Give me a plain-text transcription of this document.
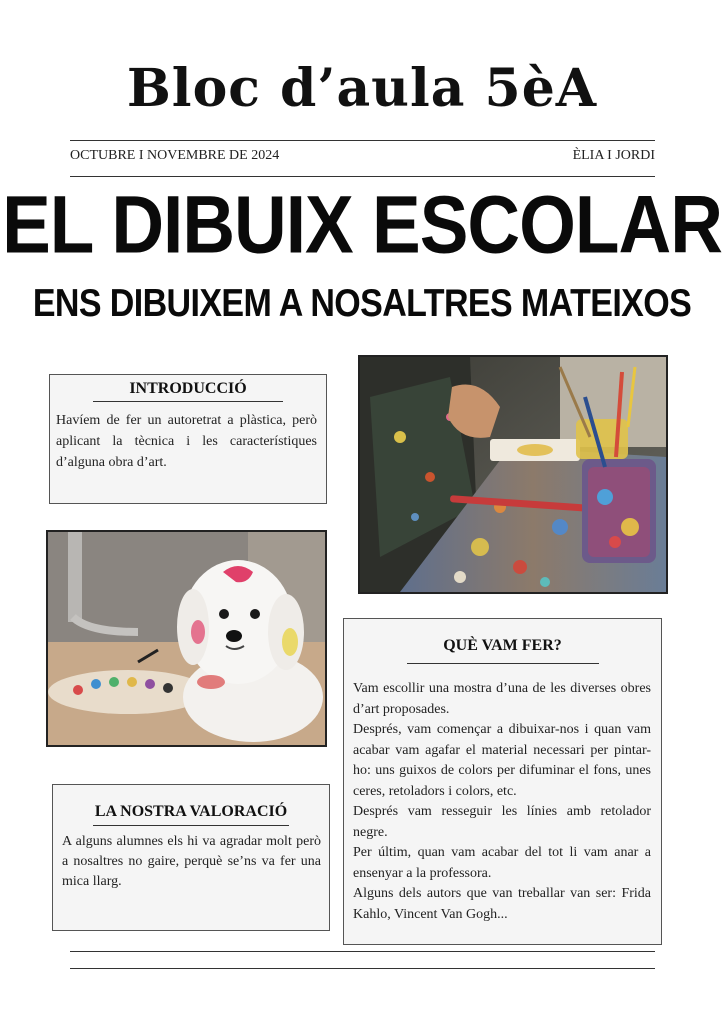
Bloc d’aula 5èA
OCTUBRE I NOVEMBRE DE 2024	ÈLIA I JORDI
EL DIBUIX ESCOLAR
ENS DIBUIXEM A NOSALTRES MATEIXOS
INTRODUCCIÓ
Havíem de fer un autoretrat a plàstica, però aplicant la tècnica i les característiques d’alguna obra d’art.
QUÈ VAM FER?
Vam escollir una mostra d’una de les diverses obres d’art proposades.
Després, vam començar a dibuixar-nos i quan vam acabar vam agafar el material necessari per pintar-ho: uns guixos de colors per difuminar el fons, unes ceres, retoladors i colors, etc.
Després vam resseguir les línies amb retolador negre.
Per últim, quan vam acabar del tot li vam anar a ensenyar a la professora.
Alguns dels autors que van treballar van ser: Frida Kahlo, Vincent Van Gogh...
LA NOSTRA VALORACIÓ
A alguns alumnes els hi va agradar molt però a nosaltres no gaire, perquè se’ns va fer una mica llarg.
